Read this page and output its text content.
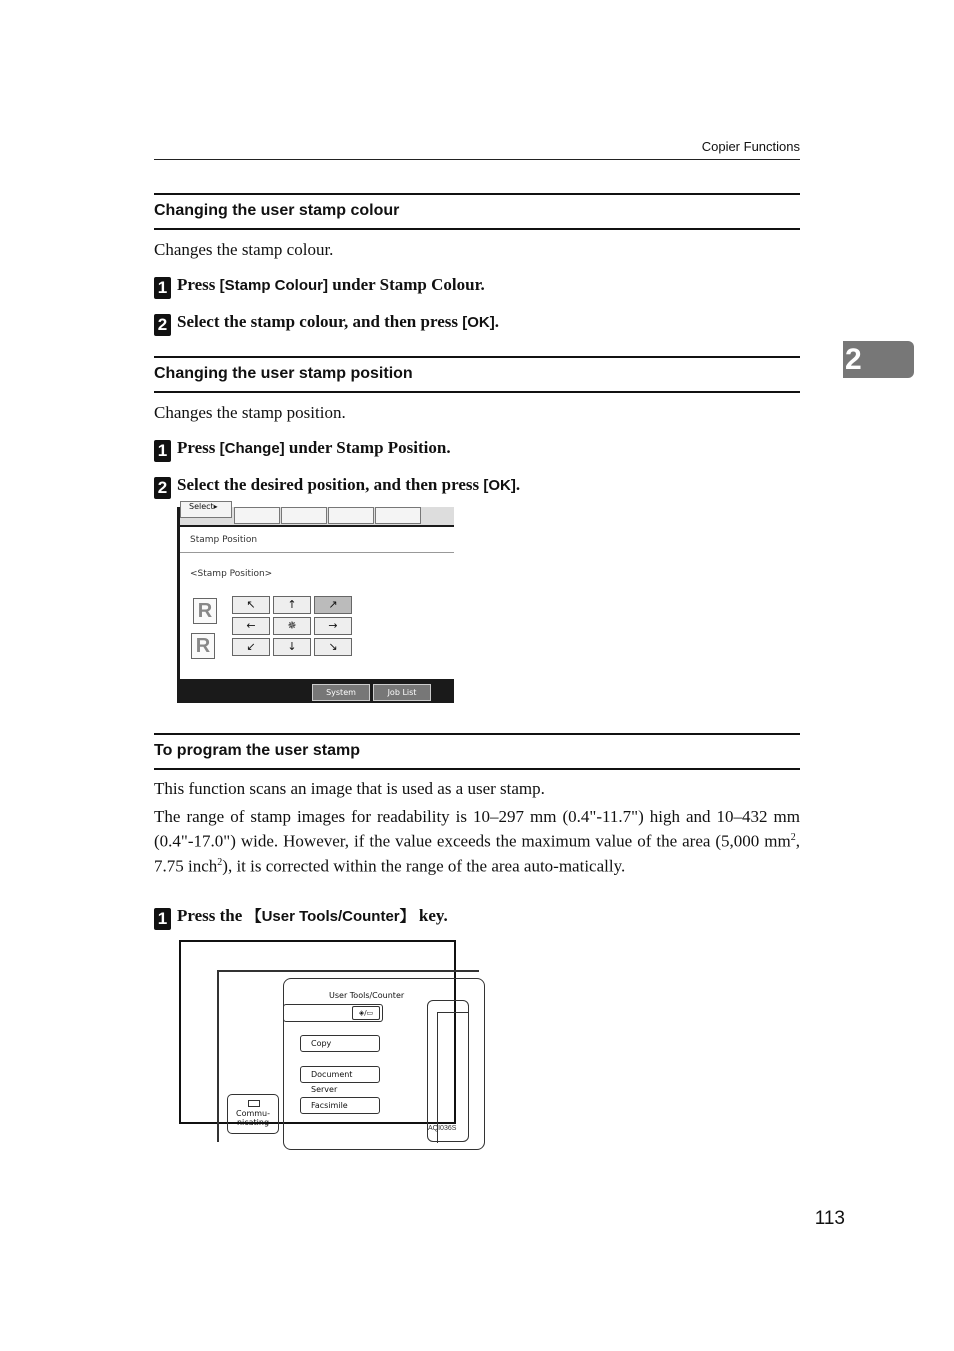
Copier Functions
2
Changing the user stamp colour
Changes the stamp colour.
1 Press [Stamp Colour] under Stamp Colour.
2 Select the stamp colour, and then press [OK].
Changing the user stamp position
Changes the stamp position.
1 Press [Change] under Stamp Position.
2 Select the desired position, and then press [OK].
Select▸
Stamp Position
<Stamp Position>
R
R
↖	↑	↗
←	✵	→
↙	↓	↘
System Status
Job List
To program the user stamp
This function scans an image that is used as a user stamp.
The range of stamp images for readability is 10–297 mm (0.4"-11.7") high and 10–432 mm (0.4"-17.0") wide. However, if the value exceeds the maximum value of the area (5,000 $mm^2$, 7.75 inch$^2$), it is corrected within the range of the area auto-matically.
1 Press the 【User Tools/Counter】 key.
User Tools/Counter
◈/▭
Copy
Document Server
Facsimile
Commu-nicating
AQI036S
113
